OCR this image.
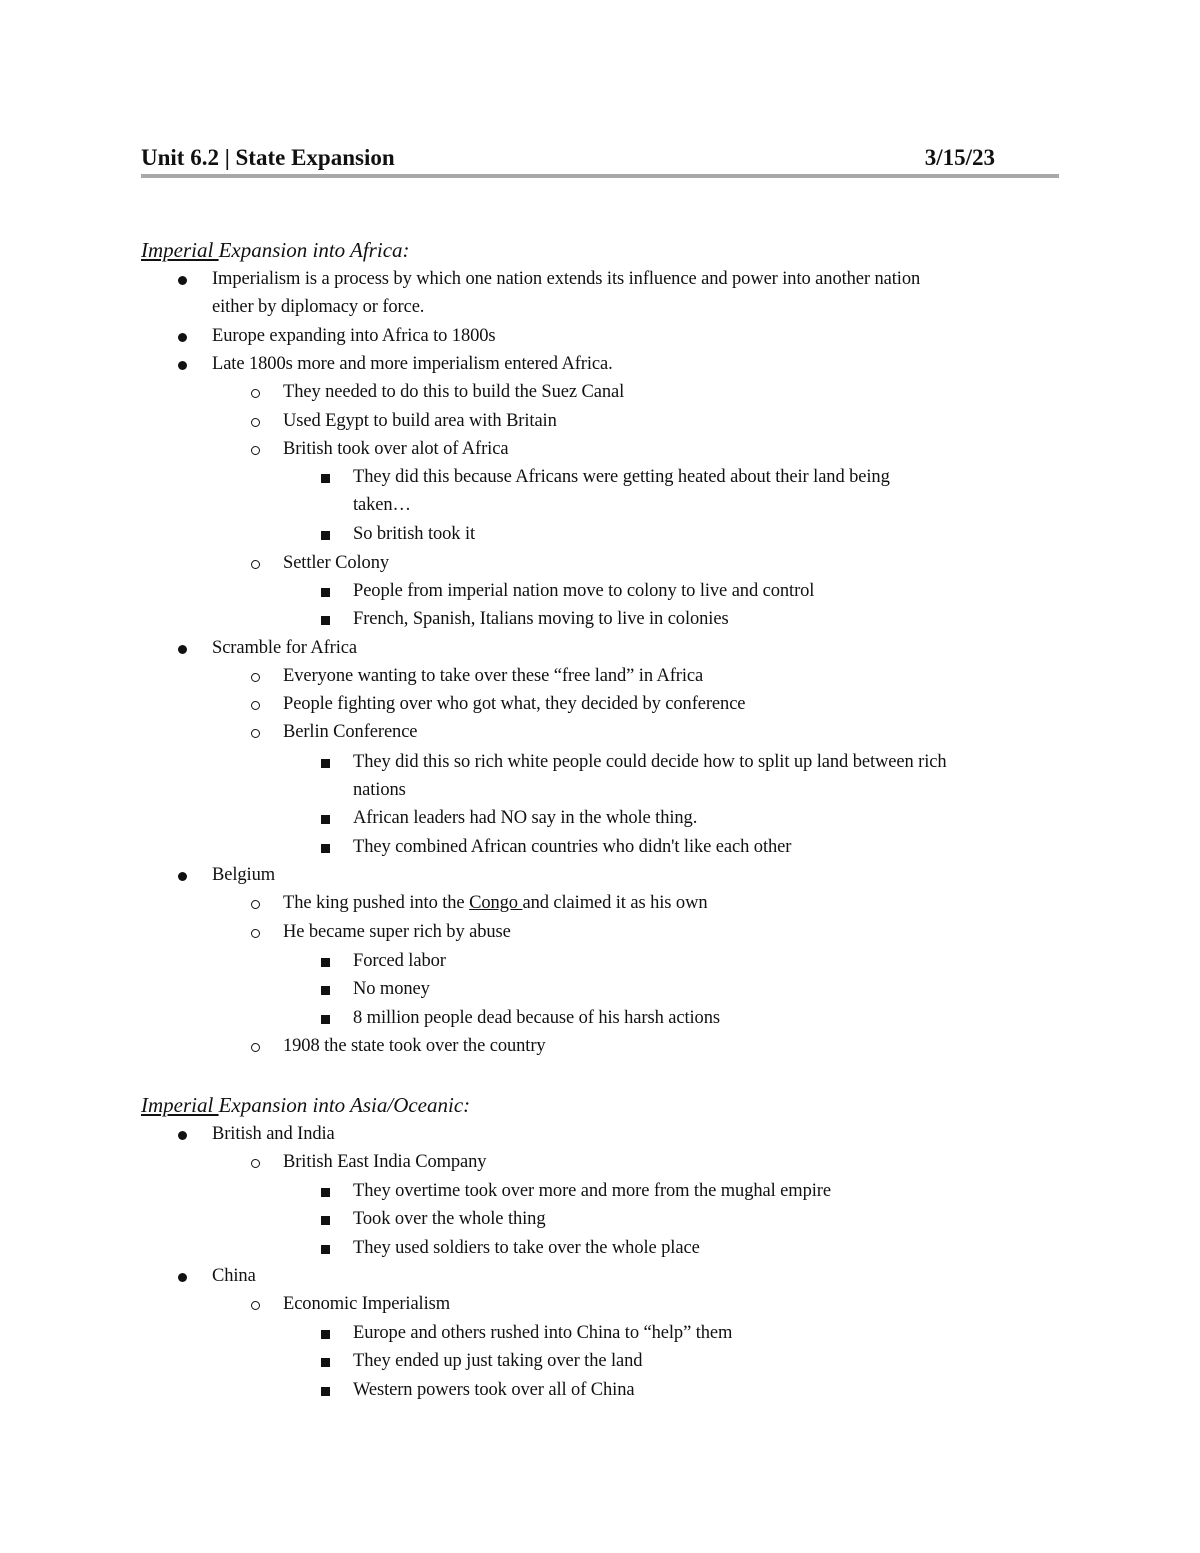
Unit 6.2 | State Expansion	3/15/23
Imperial Expansion into Africa:
Imperialism is a process by which one nation extends its influence and power into another nation
either by diplomacy or force.
Europe expanding into Africa to 1800s
Late 1800s more and more imperialism entered Africa.
They needed to do this to build the Suez Canal
Used Egypt to build area with Britain
British took over alot of Africa
They did this because Africans were getting heated about their land being
taken…
So british took it
Settler Colony
People from imperial nation move to colony to live and control
French, Spanish, Italians moving to live in colonies
Scramble for Africa
Everyone wanting to take over these “free land” in Africa
People fighting over who got what, they decided by conference
Berlin Conference
They did this so rich white people could decide how to split up land between rich
nations
African leaders had NO say in the whole thing.
They combined African countries who didn't like each other
Belgium
The king pushed into the Congo and claimed it as his own
He became super rich by abuse
Forced labor
No money
8 million people dead because of his harsh actions
1908 the state took over the country
Imperial Expansion into Asia/Oceanic:
British and India
British East India Company
They overtime took over more and more from the mughal empire
Took over the whole thing
They used soldiers to take over the whole place
China
Economic Imperialism
Europe and others rushed into China to “help” them
They ended up just taking over the land
Western powers took over all of China
